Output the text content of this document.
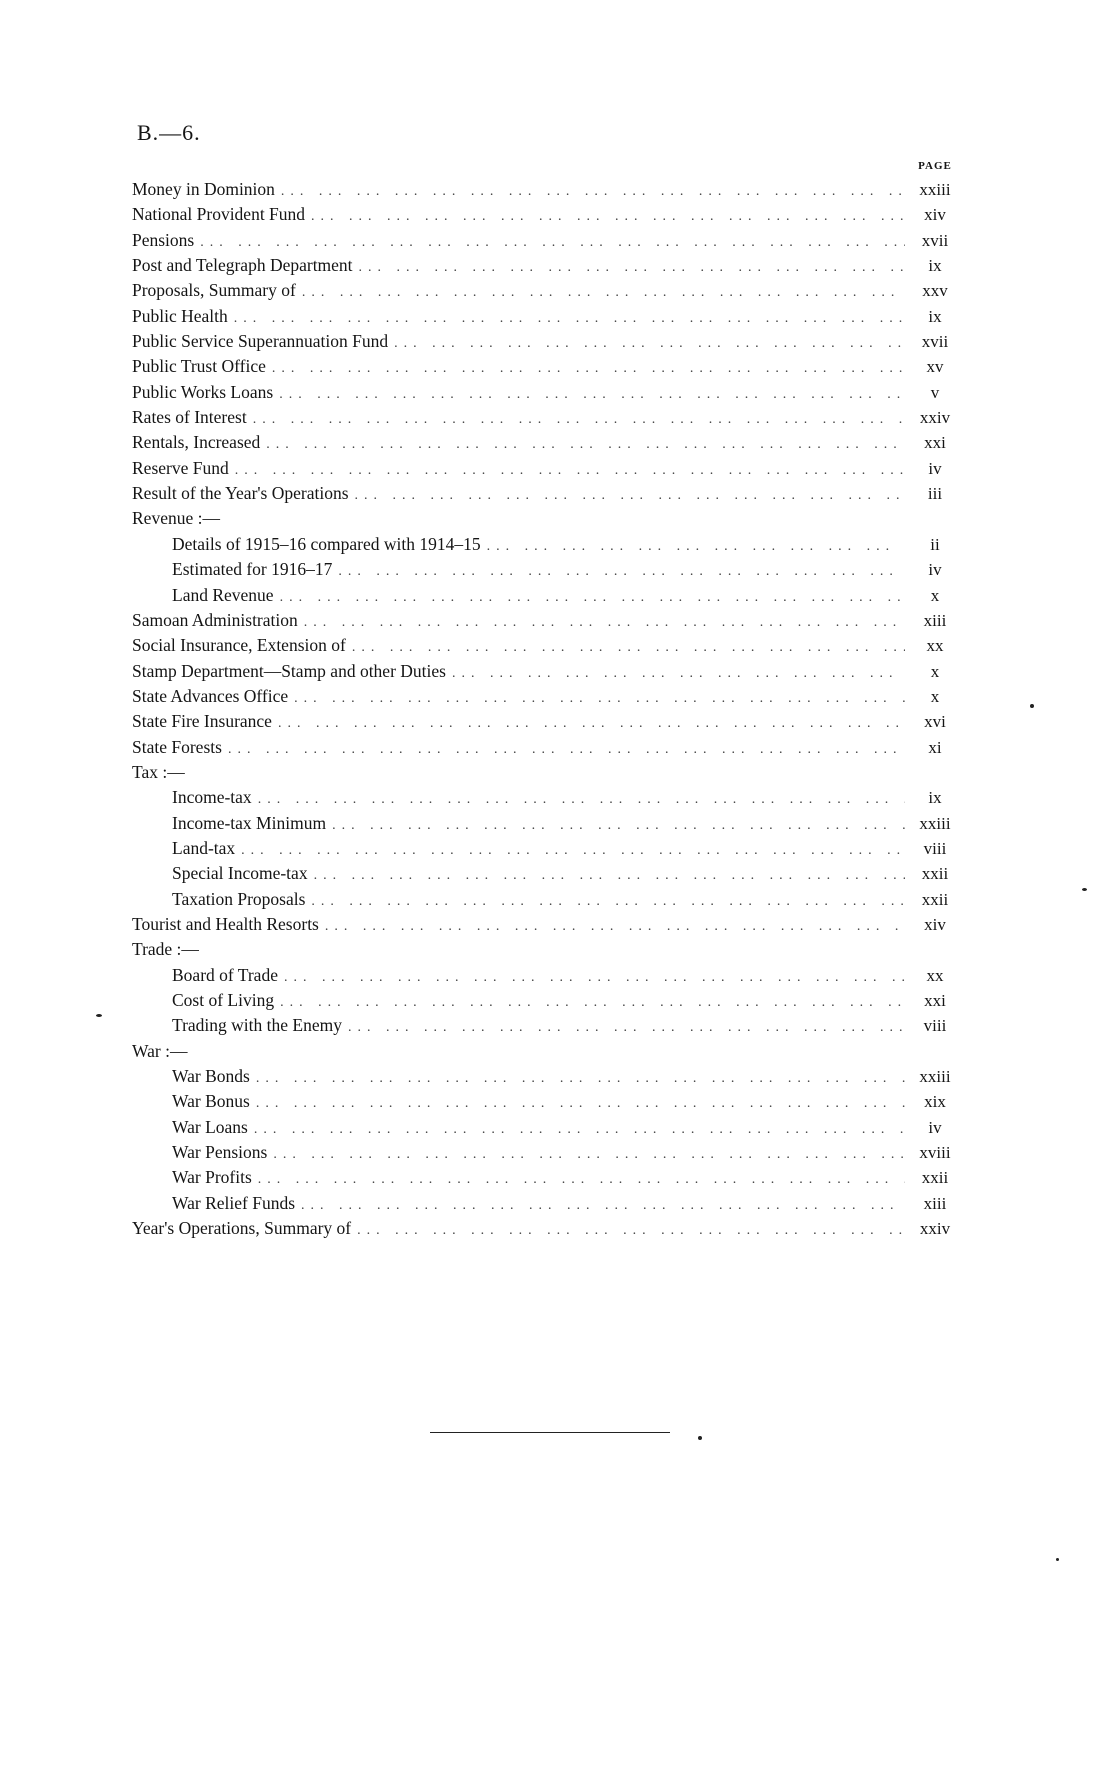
B.—6.
PAGE
Money in Dominion ... .	xxiii
National Provident Fund ... .	xiv
Pensions ... .	xvii
Post and Telegraph Department ... .	ix
Proposals, Summary of ... .	xxv
Public Health ... .	ix
Public Service Superannuation Fund ... .	xvii
Public Trust Office ... .	xv
Public Works Loans ... .	v
Rates of Interest ... .	xxiv
Rentals, Increased ... .	xxi
Reserve Fund ... .	iv
Result of the Year's Operations ... .	iii
Revenue :—
Details of 1915–16 compared with 1914–15 ... .	ii
Estimated for 1916–17 ... .	iv
Land Revenue ... .	x
Samoan Administration ... .	xiii
Social Insurance, Extension of ... .	xx
Stamp Department—Stamp and other Duties ... .	x
State Advances Office ... .	x
State Fire Insurance ... .	xvi
State Forests ... .	xi
Tax :—
Income-tax ... .	ix
Income-tax Minimum ... .	xxiii
Land-tax ... .	viii
Special Income-tax ... .	xxii
Taxation Proposals ... .	xxii
Tourist and Health Resorts ... .	xiv
Trade :—
Board of Trade ... .	xx
Cost of Living ... .	xxi
Trading with the Enemy ... .	viii
War :—
War Bonds ... .	xxiii
War Bonus ... .	xix
War Loans ... .	iv
War Pensions ... .	xviii
War Profits ... .	xxii
War Relief Funds ... .	xiii
Year's Operations, Summary of ... .	xxiv
